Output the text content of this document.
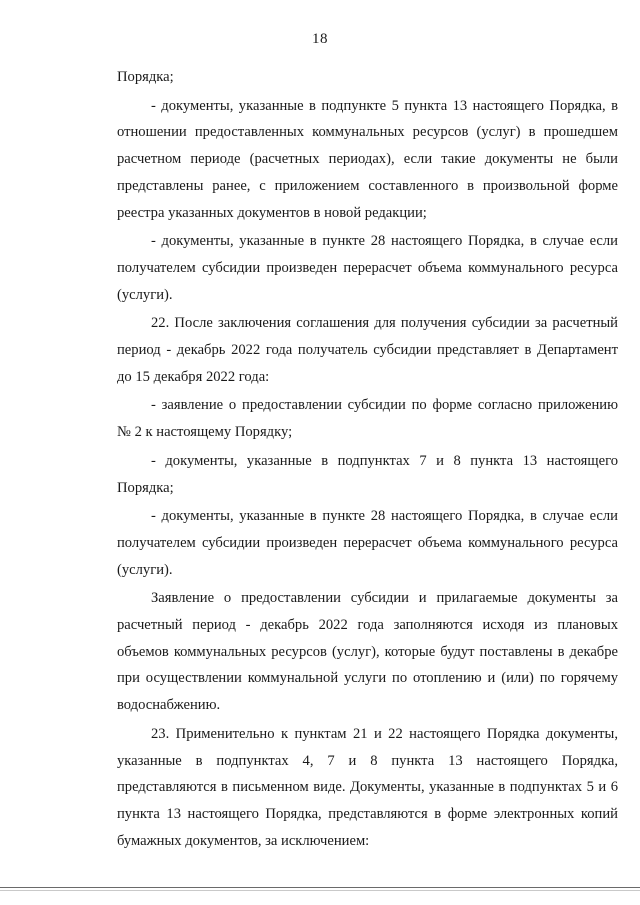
18

Порядка;

- документы, указанные в подпункте 5 пункта 13 настоящего Порядка, в отношении предоставленных коммунальных ресурсов (услуг) в прошедшем расчетном периоде (расчетных периодах), если такие документы не были представлены ранее, с приложением составленного в произвольной форме реестра указанных документов в новой редакции;

- документы, указанные в пункте 28 настоящего Порядка, в случае если получателем субсидии произведен перерасчет объема коммунального ресурса (услуги).

22. После заключения соглашения для получения субсидии за расчетный период - декабрь 2022 года получатель субсидии представляет в Департамент до 15 декабря 2022 года:

- заявление о предоставлении субсидии по форме согласно приложению № 2 к настоящему Порядку;

- документы, указанные в подпунктах 7 и 8 пункта 13 настоящего Порядка;

- документы, указанные в пункте 28 настоящего Порядка, в случае если получателем субсидии произведен перерасчет объема коммунального ресурса (услуги).

Заявление о предоставлении субсидии и прилагаемые документы за расчетный период - декабрь 2022 года заполняются исходя из плановых объемов коммунальных ресурсов (услуг), которые будут поставлены в декабре при осуществлении коммунальной услуги по отоплению и (или) по горячему водоснабжению.

23. Применительно к пунктам 21 и 22 настоящего Порядка документы, указанные в подпунктах 4, 7 и 8 пункта 13 настоящего Порядка, представляются в письменном виде. Документы, указанные в подпунктах 5 и 6 пункта 13 настоящего Порядка, представляются в форме электронных копий бумажных документов, за исключением:
